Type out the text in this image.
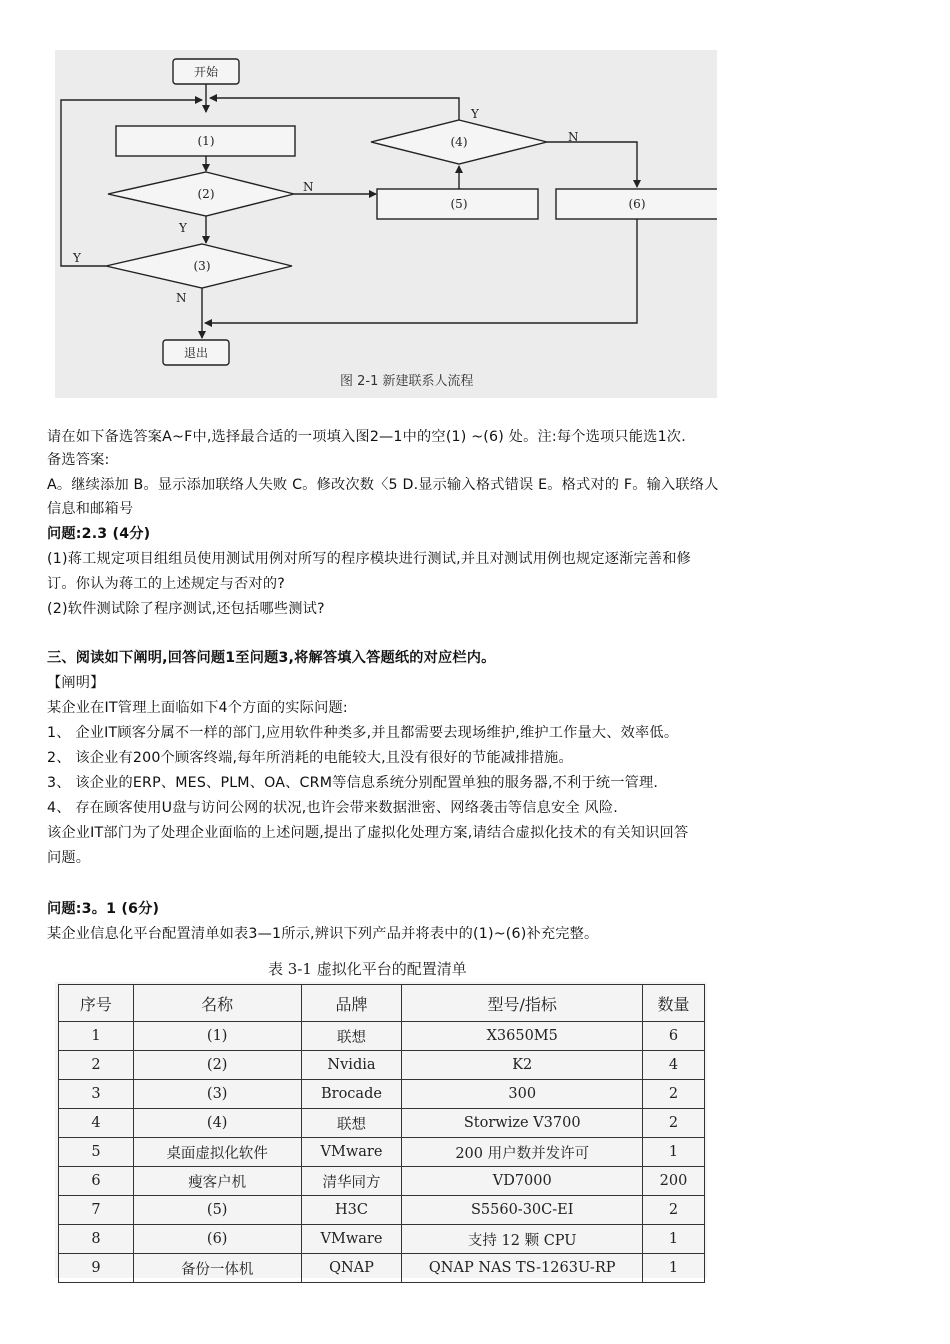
开始
(1)
(2)
(3)
退出
(5)
(4)
(6)
Y
N
Y
N
Y
N
图 2-1 新建联系人流程
请在如下备选答案A~F中,选择最合适的一项填入图2—1中的空(1) ~(6) 处。注:每个选项只能选1次.
备选答案:
A。继续添加 B。显示添加联络人失败 C。修改次数〈5 D.显示输入格式错误 E。格式对的 F。输入联络人
信息和邮箱号
问题:2.3 (4分)
(1)蒋工规定项目组组员使用测试用例对所写的程序模块进行测试,并且对测试用例也规定逐渐完善和修
订。你认为蒋工的上述规定与否对的?
(2)软件测试除了程序测试,还包括哪些测试?
三、阅读如下阐明,回答问题1至问题3,将解答填入答题纸的对应栏内。
【阐明】
某企业在IT管理上面临如下4个方面的实际问题:
1、 企业IT顾客分属不一样的部门,应用软件种类多,并且都需要去现场维护,维护工作量大、效率低。
2、 该企业有200个顾客终端,每年所消耗的电能较大,且没有很好的节能减排措施。
3、 该企业的ERP、MES、PLM、OA、CRM等信息系统分别配置单独的服务器,不利于统一管理.
4、 存在顾客使用U盘与访问公网的状况,也许会带来数据泄密、网络袭击等信息安全 风险.
该企业IT部门为了处理企业面临的上述问题,提出了虚拟化处理方案,请结合虚拟化技术的有关知识回答
问题。
问题:3。1 (6分)
某企业信息化平台配置清单如表3—1所示,辨识下列产品并将表中的(1)~(6)补充完整。
表 3-1 虚拟化平台的配置清单
序号	名称	品牌	型号/指标	数量
1	(1)	联想	X3650M5	6
2	(2)	Nvidia	K2	4
3	(3)	Brocade	300	2
4	(4)	联想	Storwize V3700	2
5	桌面虚拟化软件	VMware	200 用户数并发许可	1
6	瘦客户机	清华同方	VD7000	200
7	(5)	H3C	S5560-30C-EI	2
8	(6)	VMware	支持 12 颗 CPU	1
9	备份一体机	QNAP	QNAP NAS TS-1263U-RP	1
